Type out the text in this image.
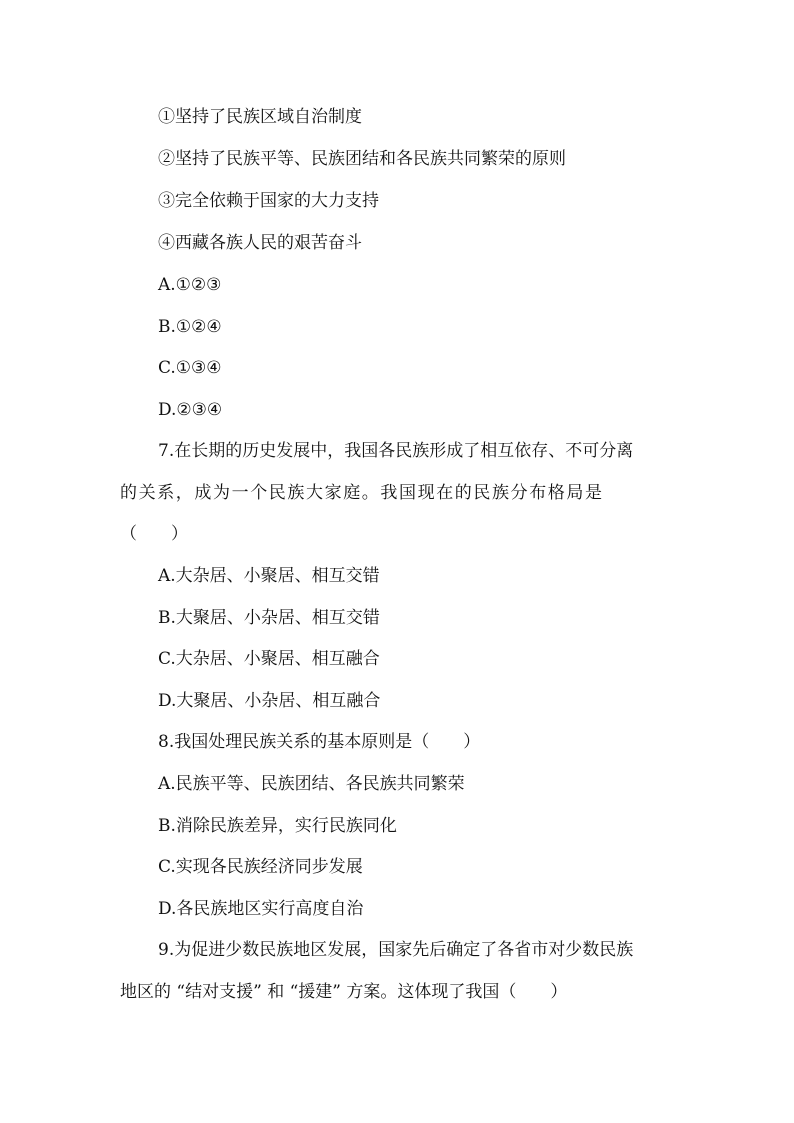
①坚持了民族区域自治制度
②坚持了民族平等、民族团结和各民族共同繁荣的原则
③完全依赖于国家的大力支持
④西藏各族人民的艰苦奋斗
A.①②③
B.①②④
C.①③④
D.②③④
7.在长期的历史发展中，我国各民族形成了相互依存、不可分离
的关系，成为一个民族大家庭。我国现在的民族分布格局是
（　　）
A.大杂居、小聚居、相互交错
B.大聚居、小杂居、相互交错
C.大杂居、小聚居、相互融合
D.大聚居、小杂居、相互融合
8.我国处理民族关系的基本原则是（　　）
A.民族平等、民族团结、各民族共同繁荣
B.消除民族差异，实行民族同化
C.实现各民族经济同步发展
D.各民族地区实行高度自治
9.为促进少数民族地区发展，国家先后确定了各省市对少数民族
地区的 “结对支援” 和 “援建” 方案。这体现了我国（　　）
